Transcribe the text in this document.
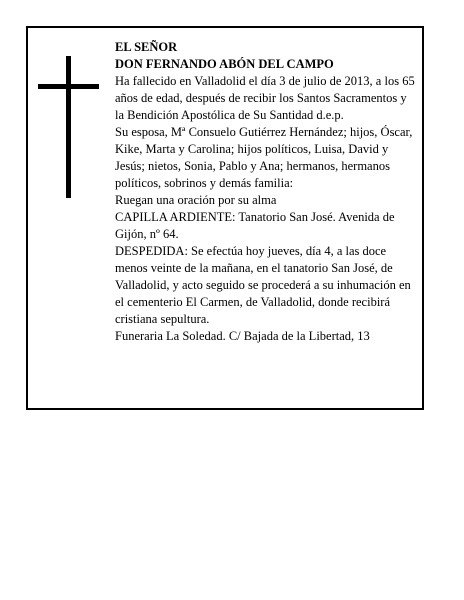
EL SEÑOR

DON FERNANDO ABÓN DEL CAMPO

Ha fallecido en Valladolid el día 3 de julio de 2013, a los 65 años de edad, después de recibir los Santos Sacramentos y la Bendición Apostólica de Su Santidad d.e.p.

Su esposa, Mª Consuelo Gutiérrez Hernández; hijos, Óscar, Kike, Marta y Carolina; hijos políticos, Luisa, David y Jesús; nietos, Sonia, Pablo y Ana; hermanos, hermanos políticos, sobrinos y demás familia:

Ruegan una oración por su alma

CAPILLA ARDIENTE: Tanatorio San José. Avenida de Gijón, nº 64.

DESPEDIDA: Se efectúa hoy jueves, día 4, a las doce menos veinte de la mañana, en el tanatorio San José, de Valladolid, y acto seguido se procederá a su inhumación en el cementerio El Carmen, de Valladolid, donde recibirá cristiana sepultura.

Funeraria La Soledad. C/ Bajada de la Libertad, 13
